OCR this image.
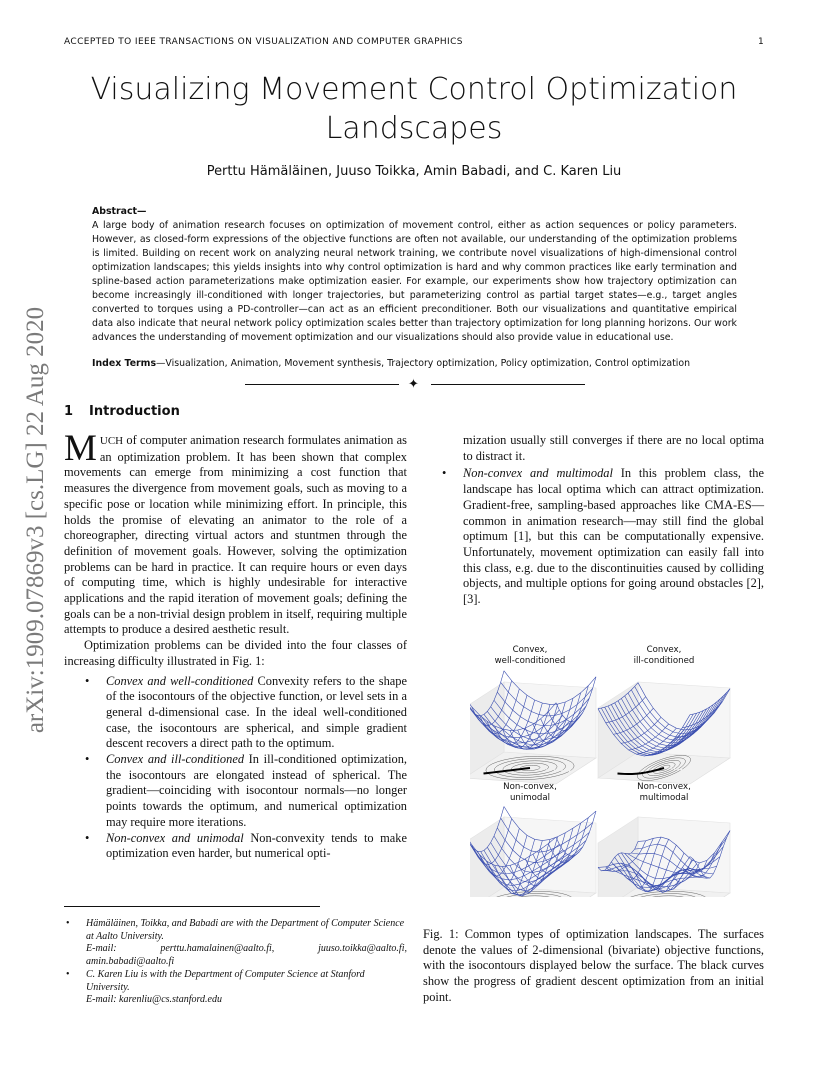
ACCEPTED TO IEEE TRANSACTIONS ON VISUALIZATION AND COMPUTER GRAPHICS	1
arXiv:1909.07869v3 [cs.LG] 22 Aug 2020
Visualizing Movement Control Optimization
Landscapes
Perttu Hämäläinen, Juuso Toikka, Amin Babadi, and C. Karen Liu
Abstract—
A large body of animation research focuses on optimization of movement control, either as action sequences or policy parameters. However, as closed-form expressions of the objective functions are often not available, our understanding of the optimization problems is limited. Building on recent work on analyzing neural network training, we contribute novel visualizations of high-dimensional control optimization landscapes; this yields insights into why control optimization is hard and why common practices like early termination and spline-based action parameterizations make optimization easier. For example, our experiments show how trajectory optimization can become increasingly ill-conditioned with longer trajectories, but parameterizing control as partial target states—e.g., target angles converted to torques using a PD-controller—can act as an efficient preconditioner. Both our visualizations and quantitative empirical data also indicate that neural network policy optimization scales better than trajectory optimization for long planning horizons. Our work advances the understanding of movement optimization and our visualizations should also provide value in educational use.
Index Terms—Visualization, Animation, Movement synthesis, Trajectory optimization, Policy optimization, Control optimization
✦
1 Introduction

MUCH of computer animation research formulates animation as an optimization problem. It has been shown that complex movements can emerge from minimizing a cost function that measures the divergence from movement goals, such as moving to a specific pose or location while minimizing effort. In principle, this holds the promise of elevating an animator to the role of a choreographer, directing virtual actors and stuntmen through the definition of movement goals. However, solving the optimization problems can be hard in practice. It can require hours or even days of computing time, which is highly undesirable for interactive applications and the rapid iteration of movement goals; defining the goals can be a non-trivial design problem in itself, requiring multiple attempts to produce a desired aesthetic result.

Optimization problems can be divided into the four classes of increasing difficulty illustrated in Fig. 1:

• Convex and well-conditioned Convexity refers to the shape of the isocontours of the objective function, or level sets in a general d-dimensional case. In the ideal well-conditioned case, the isocontours are spherical, and simple gradient descent recovers a direct path to the optimum.
• Convex and ill-conditioned In ill-conditioned optimization, the isocontours are elongated instead of spherical. The gradient—coinciding with isocontour normals—no longer points towards the optimum, and numerical optimization may require more iterations.
• Non-convex and unimodal Non-convexity tends to make optimization even harder, but numerical opti-

mization usually still converges if there are no local optima to distract it.

• Non-convex and multimodal In this problem class, the landscape has local optima which can attract optimization. Gradient-free, sampling-based approaches like CMA-ES—common in animation research—may still find the global optimum [1], but this can be computationally expensive. Unfortunately, movement optimization can easily fall into this class, e.g. due to the discontinuities caused by colliding objects, and multiple options for going around obstacles [2], [3].
Convex,
well-conditioned
Convex,
ill-conditioned
Non-convex,
unimodal
Non-convex,
multimodal
Fig. 1: Common types of optimization landscapes. The surfaces denote the values of 2-dimensional (bivariate) objective functions, with the isocontours displayed below the surface. The black curves show the progress of gradient descent optimization from an initial point.
• Hämäläinen, Toikka, and Babadi are with the Department of Computer Science at Aalto University.
E-mail:	perttu.hamalainen@aalto.fi,	juuso.toikka@aalto.fi,
amin.babadi@aalto.fi
• C. Karen Liu is with the Department of Computer Science at Stanford University.
E-mail: karenliu@cs.stanford.edu
